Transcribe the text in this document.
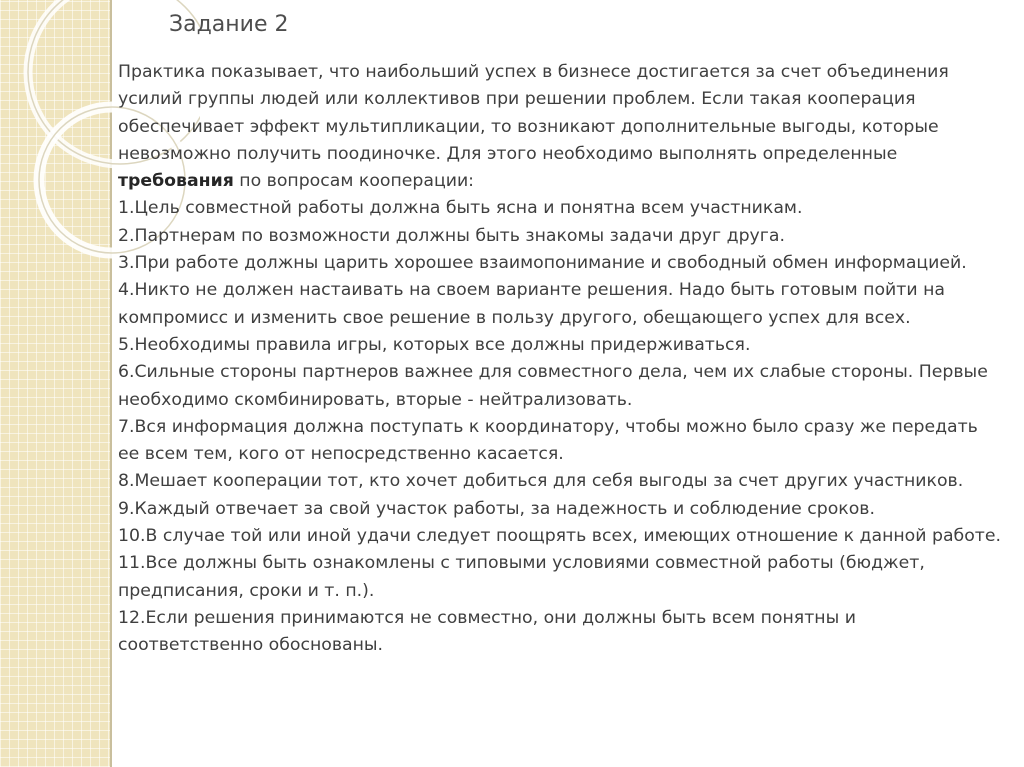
Задание 2

Практика показывает, что наибольший успех в бизнесе достигается за счет объединения усилий группы людей или коллективов при решении проблем. Если такая кооперация обеспечивает эффект мультипликации, то возникают дополнительные выгоды, которые невозможно получить поодиночке. Для этого необходимо выполнять определенные требования по вопросам кооперации:

1.Цель совместной работы должна быть ясна и понятна всем участникам.

2.Партнерам по возможности должны быть знакомы задачи друг друга.

3.При работе должны царить хорошее взаимопонимание и свободный обмен информацией.

4.Никто не должен настаивать на своем варианте решения. Надо быть готовым пойти на компромисс и изменить свое решение в пользу другого, обещающего успех для всех.

5.Необходимы правила игры, которых все должны придерживаться.

6.Сильные стороны партнеров важнее для совместного дела, чем их слабые стороны. Первые необходимо скомбинировать, вторые - нейтрализовать.

7.Вся информация должна поступать к координатору, чтобы можно было сразу же передать ее всем тем, кого от непосредственно касается.

8.Мешает кооперации тот, кто хочет добиться для себя выгоды за счет других участников.

9.Каждый отвечает за свой участок работы, за надежность и соблюдение сроков.

10.В случае той или иной удачи следует поощрять всех, имеющих отношение к данной работе.

11.Все должны быть ознакомлены с типовыми условиями совместной работы (бюджет, предписания, сроки и т. п.).

12.Если решения принимаются не совместно, они должны быть всем понятны и соответственно обоснованы.
